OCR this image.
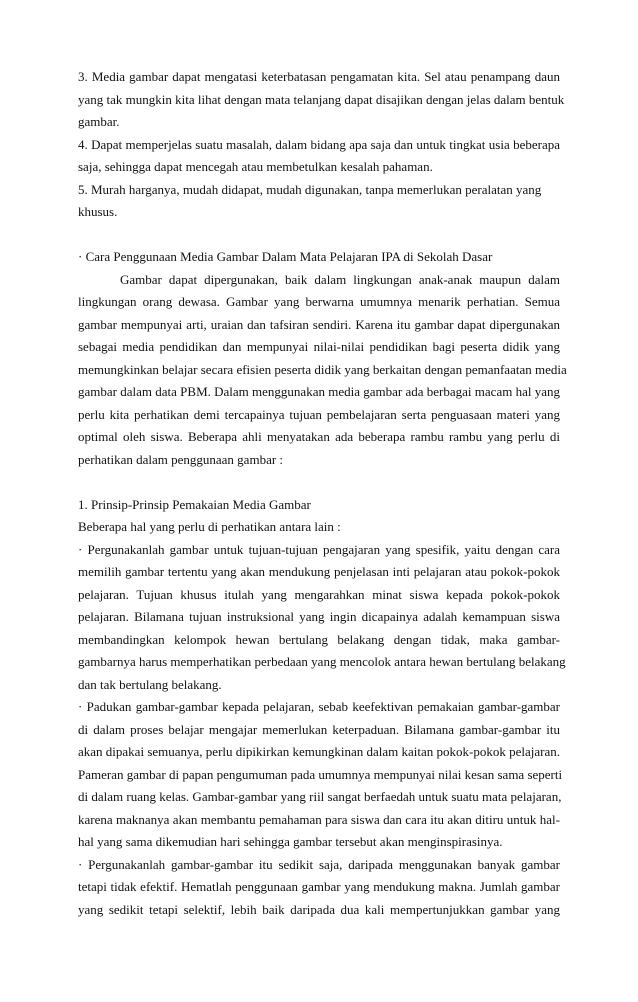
3. Media gambar dapat mengatasi keterbatasan pengamatan kita. Sel atau penampang daun
yang tak mungkin kita lihat dengan mata telanjang dapat disajikan dengan jelas dalam bentuk
gambar.
4. Dapat memperjelas suatu masalah, dalam bidang apa saja dan untuk tingkat usia beberapa
saja, sehingga dapat mencegah atau membetulkan kesalah pahaman.
5. Murah harganya, mudah didapat, mudah digunakan, tanpa memerlukan peralatan yang
khusus.
· Cara Penggunaan Media Gambar Dalam Mata Pelajaran IPA di Sekolah Dasar
Gambar dapat dipergunakan, baik dalam lingkungan anak-anak maupun dalam
lingkungan orang dewasa. Gambar yang berwarna umumnya menarik perhatian. Semua
gambar mempunyai arti, uraian dan tafsiran sendiri. Karena itu gambar dapat dipergunakan
sebagai media pendidikan dan mempunyai nilai-nilai pendidikan bagi peserta didik yang
memungkinkan belajar secara efisien peserta didik yang berkaitan dengan pemanfaatan media
gambar dalam data PBM. Dalam menggunakan media gambar ada berbagai macam hal yang
perlu kita perhatikan demi tercapainya tujuan pembelajaran serta penguasaan materi yang
optimal oleh siswa. Beberapa ahli menyatakan ada beberapa rambu rambu yang perlu di
perhatikan dalam penggunaan gambar :
1. Prinsip-Prinsip Pemakaian Media Gambar
Beberapa hal yang perlu di perhatikan antara lain :
· Pergunakanlah gambar untuk tujuan-tujuan pengajaran yang spesifik, yaitu dengan cara
memilih gambar tertentu yang akan mendukung penjelasan inti pelajaran atau pokok-pokok
pelajaran. Tujuan khusus itulah yang mengarahkan minat siswa kepada pokok-pokok
pelajaran. Bilamana tujuan instruksional yang ingin dicapainya adalah kemampuan siswa
membandingkan kelompok hewan bertulang belakang dengan tidak, maka gambar-
gambarnya harus memperhatikan perbedaan yang mencolok antara hewan bertulang belakang
dan tak bertulang belakang.
· Padukan gambar-gambar kepada pelajaran, sebab keefektivan pemakaian gambar-gambar
di dalam proses belajar mengajar memerlukan keterpaduan. Bilamana gambar-gambar itu
akan dipakai semuanya, perlu dipikirkan kemungkinan dalam kaitan pokok-pokok pelajaran.
Pameran gambar di papan pengumuman pada umumnya mempunyai nilai kesan sama seperti
di dalam ruang kelas. Gambar-gambar yang riil sangat berfaedah untuk suatu mata pelajaran,
karena maknanya akan membantu pemahaman para siswa dan cara itu akan ditiru untuk hal-
hal yang sama dikemudian hari sehingga gambar tersebut akan menginspirasinya.
· Pergunakanlah gambar-gambar itu sedikit saja, daripada menggunakan banyak gambar
tetapi tidak efektif. Hematlah penggunaan gambar yang mendukung makna. Jumlah gambar
yang sedikit tetapi selektif, lebih baik daripada dua kali mempertunjukkan gambar yang
